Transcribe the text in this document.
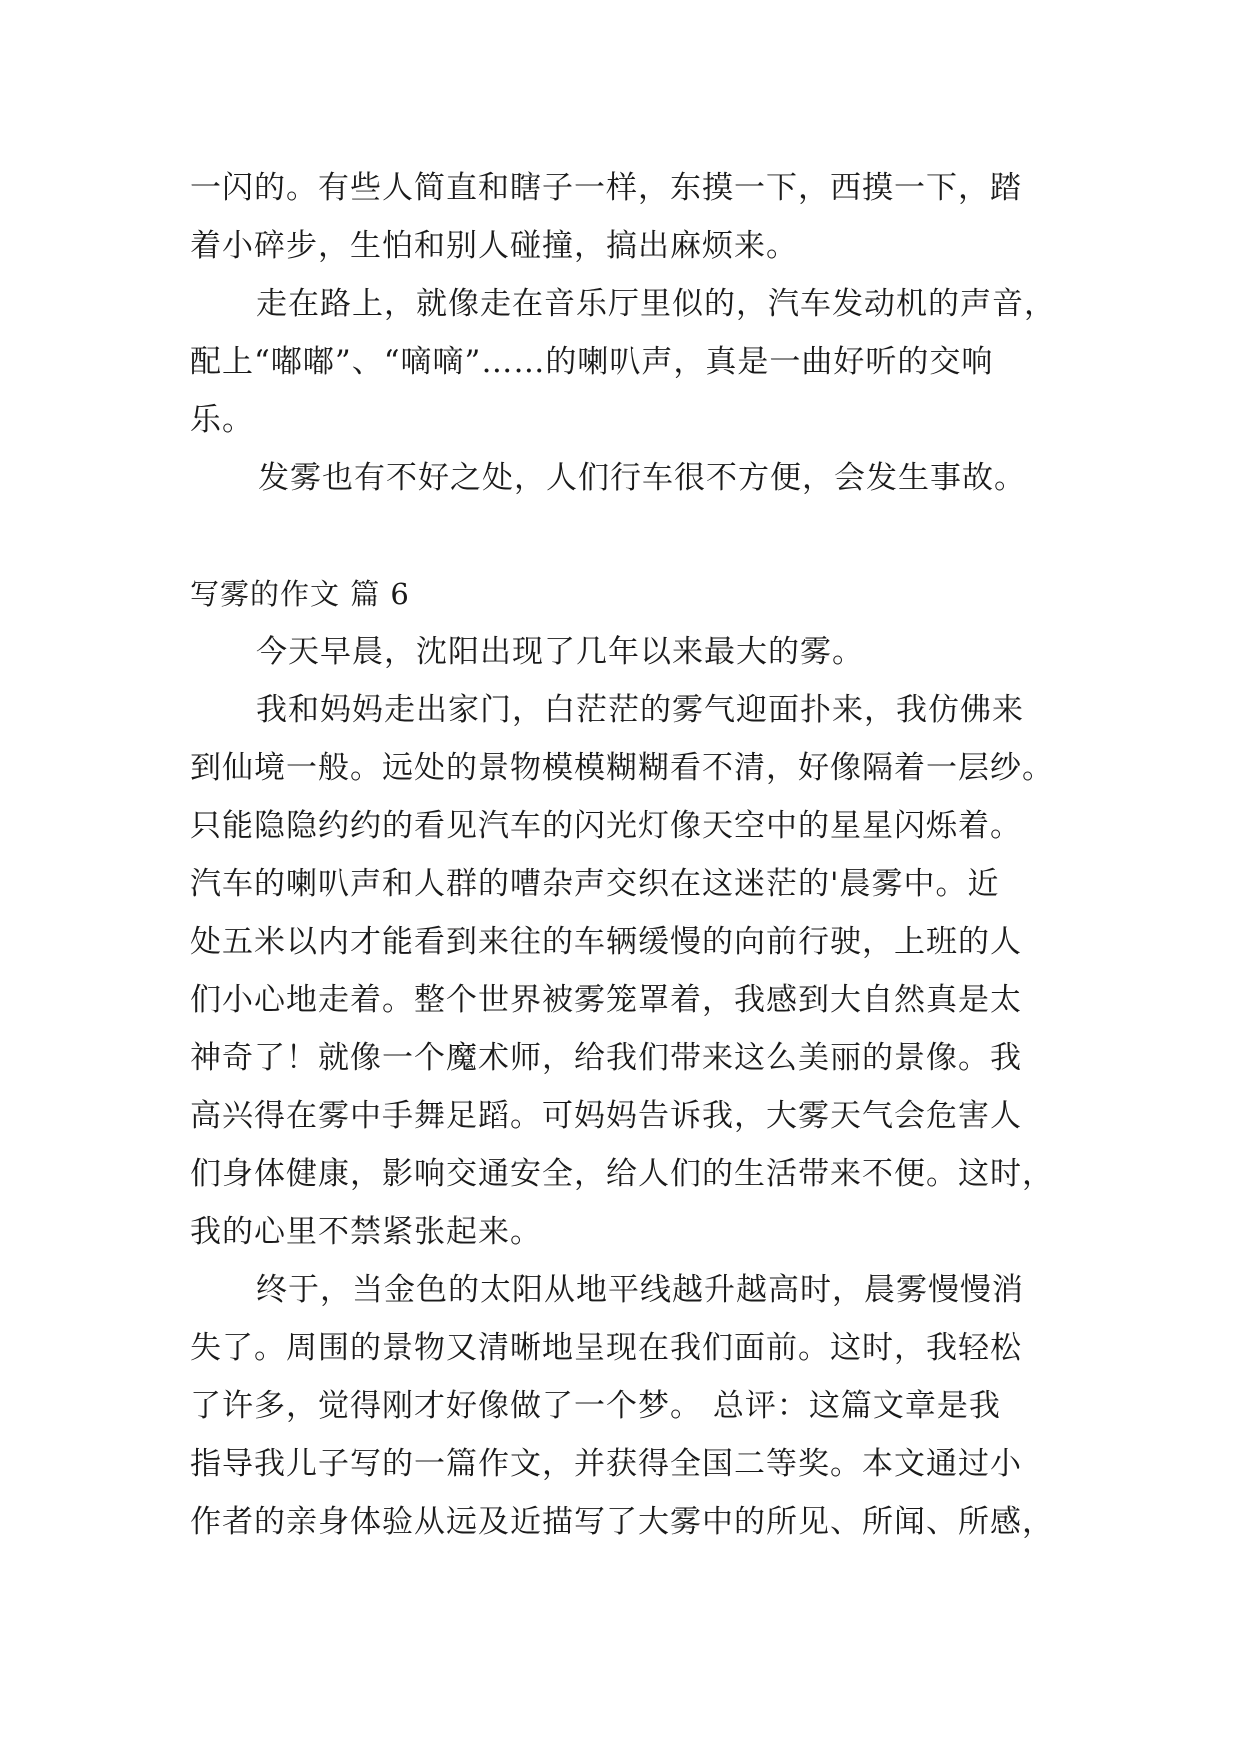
一闪的。有些人简直和瞎子一样，东摸一下，西摸一下，踏
着小碎步，生怕和别人碰撞，搞出麻烦来。
走在路上，就像走在音乐厅里似的，汽车发动机的声音，
配上“嘟嘟”、“嘀嘀”……的喇叭声，真是一曲好听的交响
乐。
发雾也有不好之处，人们行车很不方便，会发生事故。
写雾的作文 篇 6
今天早晨，沈阳出现了几年以来最大的雾。
我和妈妈走出家门，白茫茫的雾气迎面扑来，我仿佛来
到仙境一般。远处的景物模模糊糊看不清，好像隔着一层纱。
只能隐隐约约的看见汽车的闪光灯像天空中的星星闪烁着。
汽车的喇叭声和人群的嘈杂声交织在这迷茫的'晨雾中。近
处五米以内才能看到来往的车辆缓慢的向前行驶，上班的人
们小心地走着。整个世界被雾笼罩着，我感到大自然真是太
神奇了！就像一个魔术师，给我们带来这么美丽的景像。我
高兴得在雾中手舞足蹈。可妈妈告诉我，大雾天气会危害人
们身体健康，影响交通安全，给人们的生活带来不便。这时，
我的心里不禁紧张起来。
终于，当金色的太阳从地平线越升越高时，晨雾慢慢消
失了。周围的景物又清晰地呈现在我们面前。这时，我轻松
了许多，觉得刚才好像做了一个梦。 总评：这篇文章是我
指导我儿子写的一篇作文，并获得全国二等奖。本文通过小
作者的亲身体验从远及近描写了大雾中的所见、所闻、所感，
